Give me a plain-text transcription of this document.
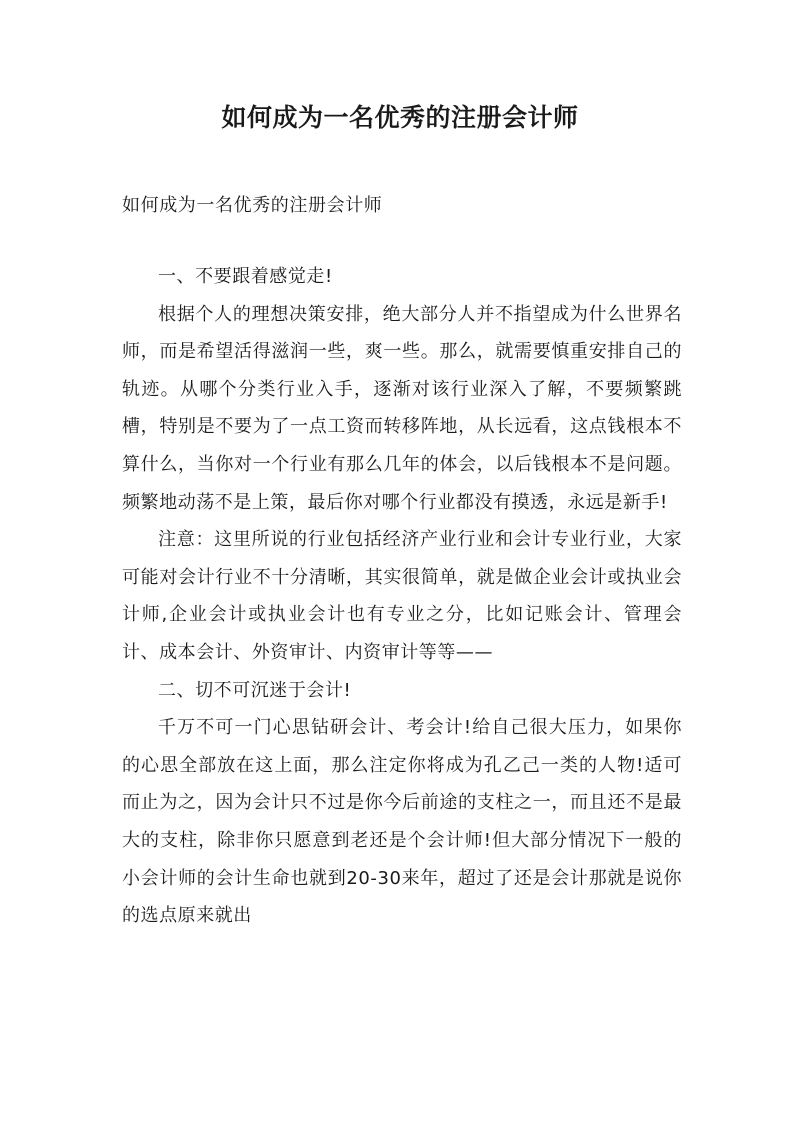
如何成为一名优秀的注册会计师

如何成为一名优秀的注册会计师

一、不要跟着感觉走!

根据个人的理想决策安排，绝大部分人并不指望成为什么世界名师，而是希望活得滋润一些，爽一些。那么，就需要慎重安排自己的轨迹。从哪个分类行业入手，逐渐对该行业深入了解，不要频繁跳槽，特别是不要为了一点工资而转移阵地，从长远看，这点钱根本不算什么，当你对一个行业有那么几年的体会，以后钱根本不是问题。频繁地动荡不是上策，最后你对哪个行业都没有摸透，永远是新手!

注意：这里所说的行业包括经济产业行业和会计专业行业，大家可能对会计行业不十分清晰，其实很简单，就是做企业会计或执业会计师,企业会计或执业会计也有专业之分，比如记账会计、管理会计、成本会计、外资审计、内资审计等等——

二、切不可沉迷于会计!

千万不可一门心思钻研会计、考会计!给自己很大压力，如果你的心思全部放在这上面，那么注定你将成为孔乙己一类的人物!适可而止为之，因为会计只不过是你今后前途的支柱之一，而且还不是最大的支柱，除非你只愿意到老还是个会计师!但大部分情况下一般的小会计师的会计生命也就到20-30来年，超过了还是会计那就是说你的选点原来就出
